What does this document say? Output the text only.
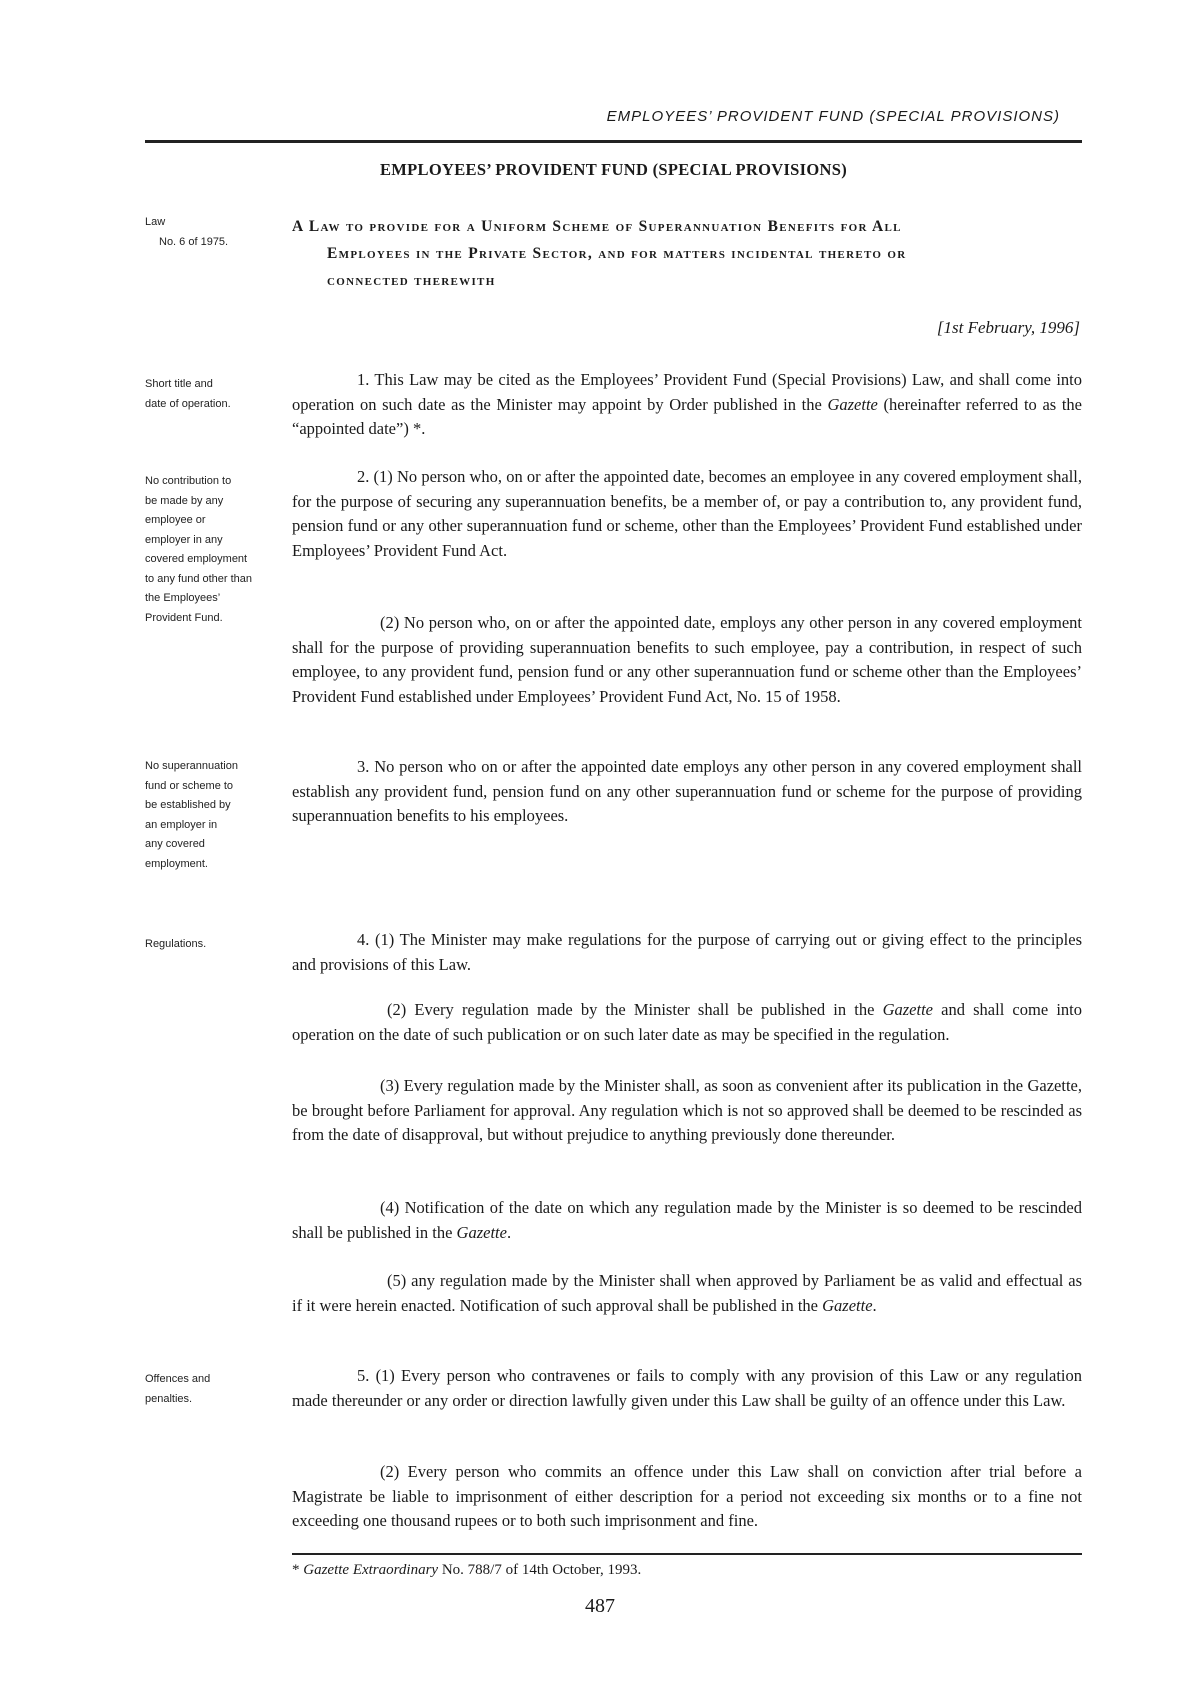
EMPLOYEES’ PROVIDENT FUND (SPECIAL PROVISIONS)
EMPLOYEES’ PROVIDENT FUND (SPECIAL PROVISIONS)
Law
No. 6 of 1975.
A Law to provide for a Uniform Scheme of Superannuation Benefits for All
Employees in the Private Sector, and for matters incidental thereto or
connected therewith
[1st February, 1996]
Short title and
date of operation.
1. This Law may be cited as the Employees’ Provident Fund (Special Provisions) Law, and shall come into operation on such date as the Minister may appoint by Order published in the Gazette (hereinafter referred to as the “appointed date”) *.
No contribution to
be made by any
employee or
employer in any
covered employment
to any fund other than
the Employees’
Provident Fund.
2. (1) No person who, on or after the appointed date, becomes an employee in any covered employment shall, for the purpose of securing any superannuation benefits, be a member of, or pay a contribution to, any provident fund, pension fund or any other superannuation fund or scheme, other than the Employees’ Provident Fund established under Employees’ Provident Fund Act.
(2) No person who, on or after the appointed date, employs any other person in any covered employment shall for the purpose of providing superannuation benefits to such employee, pay a contribution, in respect of such employee, to any provident fund, pension fund or any other superannuation fund or scheme other than the Employees’ Provident Fund established under Employees’ Provident Fund Act, No. 15 of 1958.
No superannuation
fund or scheme to
be established by
an employer in
any covered
employment.
3. No person who on or after the appointed date employs any other person in any covered employment shall establish any provident fund, pension fund on any other superannuation fund or scheme for the purpose of providing superannuation benefits to his employees.
Regulations.	4. (1) The Minister may make regulations for the purpose of carrying out or giving effect to the principles and provisions of this Law.
(2) Every regulation made by the Minister shall be published in the Gazette and shall come into operation on the date of such publication or on such later date as may be specified in the regulation.
(3) Every regulation made by the Minister shall, as soon as convenient after its publication in the Gazette, be brought before Parliament for approval. Any regulation which is not so approved shall be deemed to be rescinded as from the date of disapproval, but without prejudice to anything previously done thereunder.
(4) Notification of the date on which any regulation made by the Minister is so deemed to be rescinded shall be published in the Gazette.
(5) any regulation made by the Minister shall when approved by Parliament be as valid and effectual as if it were herein enacted. Notification of such approval shall be published in the Gazette.
Offences and
penalties.
5. (1) Every person who contravenes or fails to comply with any provision of this Law or any regulation made thereunder or any order or direction lawfully given under this Law shall be guilty of an offence under this Law.
(2) Every person who commits an offence under this Law shall on conviction after trial before a Magistrate be liable to imprisonment of either description for a period not exceeding six months or to a fine not exceeding one thousand rupees or to both such imprisonment and fine.
* Gazette Extraordinary No. 788/7 of 14th October, 1993.
487
